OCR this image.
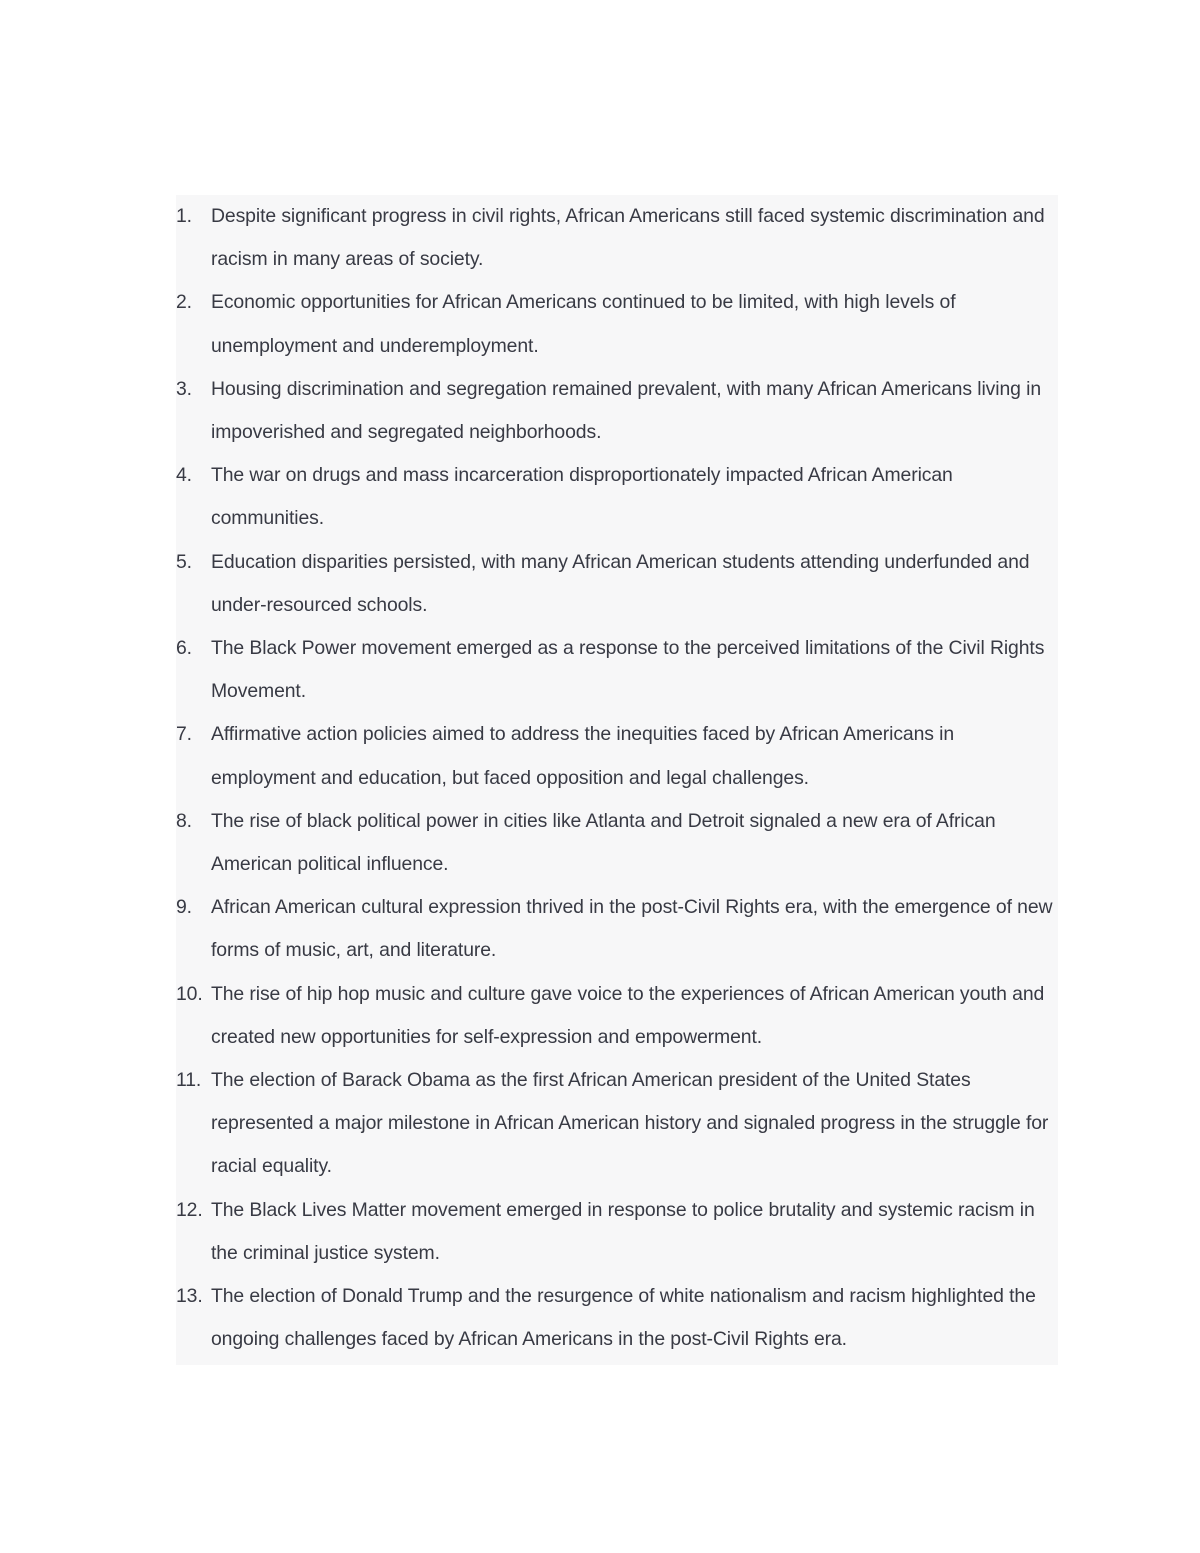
1. Despite significant progress in civil rights, African Americans still faced systemic discrimination and racism in many areas of society.
2. Economic opportunities for African Americans continued to be limited, with high levels of unemployment and underemployment.
3. Housing discrimination and segregation remained prevalent, with many African Americans living in impoverished and segregated neighborhoods.
4. The war on drugs and mass incarceration disproportionately impacted African American communities.
5. Education disparities persisted, with many African American students attending underfunded and under-resourced schools.
6. The Black Power movement emerged as a response to the perceived limitations of the Civil Rights Movement.
7. Affirmative action policies aimed to address the inequities faced by African Americans in employment and education, but faced opposition and legal challenges.
8. The rise of black political power in cities like Atlanta and Detroit signaled a new era of African American political influence.
9. African American cultural expression thrived in the post-Civil Rights era, with the emergence of new forms of music, art, and literature.
10. The rise of hip hop music and culture gave voice to the experiences of African American youth and created new opportunities for self-expression and empowerment.
11. The election of Barack Obama as the first African American president of the United States represented a major milestone in African American history and signaled progress in the struggle for racial equality.
12. The Black Lives Matter movement emerged in response to police brutality and systemic racism in the criminal justice system.
13. The election of Donald Trump and the resurgence of white nationalism and racism highlighted the ongoing challenges faced by African Americans in the post-Civil Rights era.
